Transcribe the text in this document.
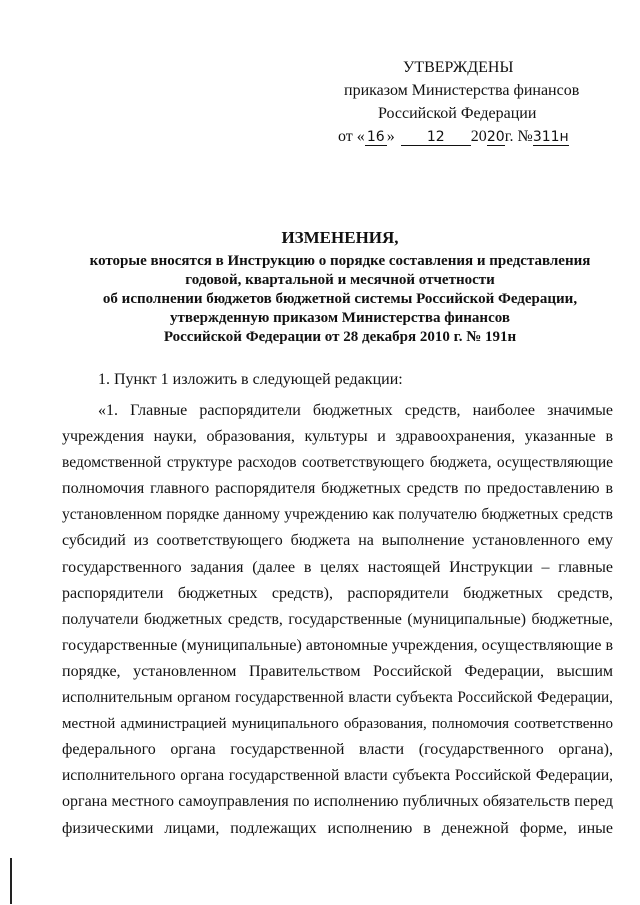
УТВЕРЖДЕНЫ
приказом Министерства финансов
Российской Федерации
от « 16 » 12 2020г. №311н
ИЗМЕНЕНИЯ,
которые вносятся в Инструкцию о порядке составления и представления
годовой, квартальной и месячной отчетности
об исполнении бюджетов бюджетной системы Российской Федерации,
утвержденную приказом Министерства финансов
Российской Федерации от 28 декабря 2010 г. № 191н
1. Пункт 1 изложить в следующей редакции:
«1. Главные распорядители бюджетных средств, наиболее значимые
учреждения науки, образования, культуры и здравоохранения, указанные в
ведомственной структуре расходов соответствующего бюджета, осуществляющие
полномочия главного распорядителя бюджетных средств по предоставлению в
установленном порядке данному учреждению как получателю бюджетных средств
субсидий из соответствующего бюджета на выполнение установленного ему
государственного задания (далее в целях настоящей Инструкции – главные
распорядители бюджетных средств), распорядители бюджетных средств,
получатели бюджетных средств, государственные (муниципальные) бюджетные,
государственные (муниципальные) автономные учреждения, осуществляющие в
порядке, установленном Правительством Российской Федерации, высшим
исполнительным органом государственной власти субъекта Российской Федерации,
местной администрацией муниципального образования, полномочия соответственно
федерального органа государственной власти (государственного органа),
исполнительного органа государственной власти субъекта Российской Федерации,
органа местного самоуправления по исполнению публичных обязательств перед
физическими лицами, подлежащих исполнению в денежной форме, иные
